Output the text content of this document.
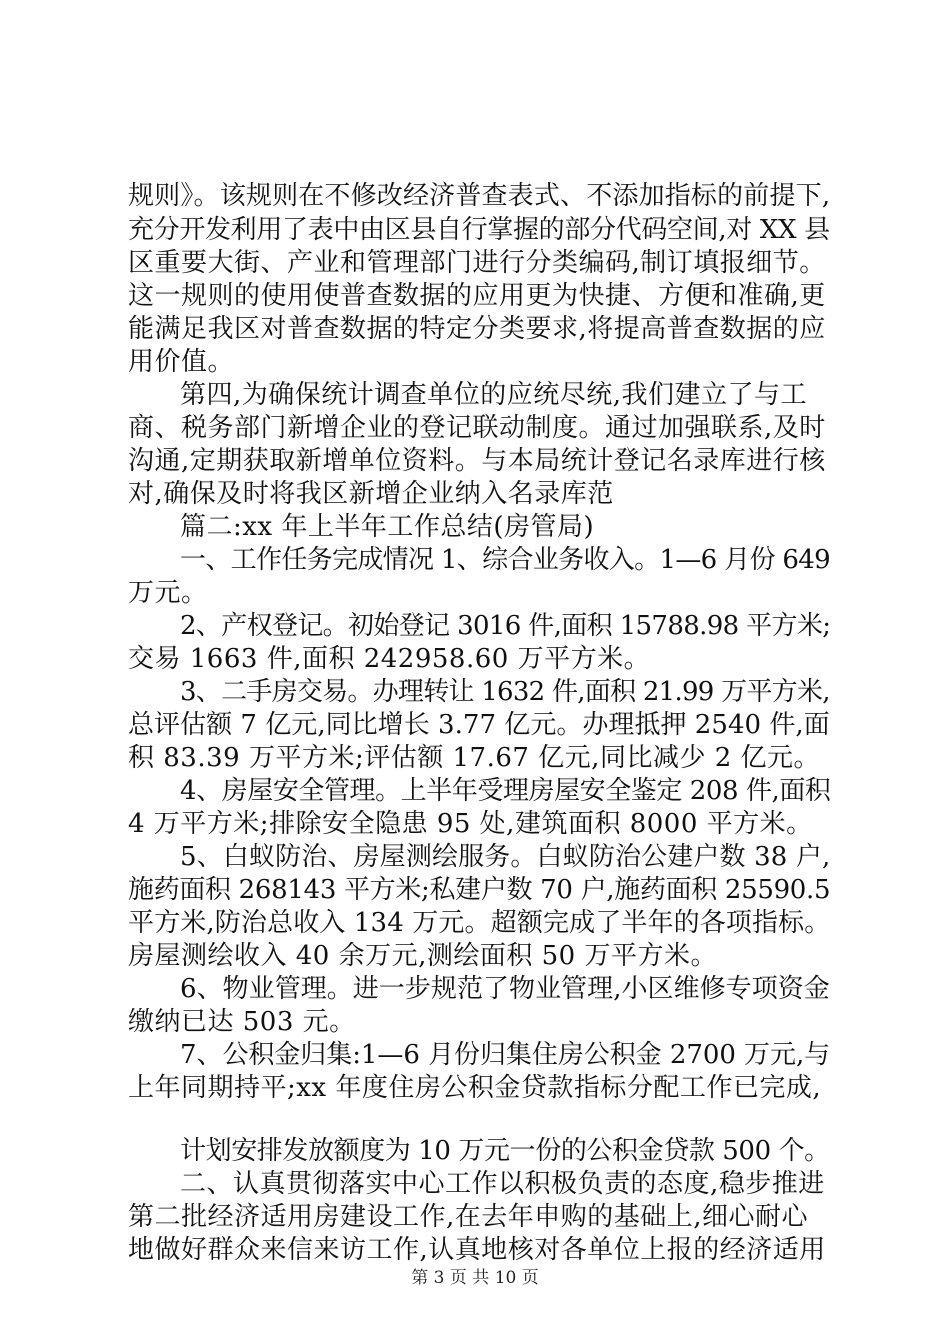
规则》。该规则在不修改经济普查表式、不添加指标的前提下,
充分开发利用了表中由区县自行掌握的部分代码空间,对 XX 县
区重要大街、产业和管理部门进行分类编码,制订填报细节。
这一规则的使用使普查数据的应用更为快捷、方便和准确,更
能满足我区对普查数据的特定分类要求,将提高普查数据的应
用价值。
第四,为确保统计调查单位的应统尽统,我们建立了与工
商、税务部门新增企业的登记联动制度。通过加强联系,及时
沟通,定期获取新增单位资料。与本局统计登记名录库进行核
对,确保及时将我区新增企业纳入名录库范
篇二:xx 年上半年工作总结(房管局)
一、工作任务完成情况 1、综合业务收入。1—6 月份 649
万元。
2、产权登记。初始登记 3016 件,面积 15788.98 平方米;
交易 1663 件,面积 242958.60 万平方米。
3、二手房交易。办理转让 1632 件,面积 21.99 万平方米,
总评估额 7 亿元,同比增长 3.77 亿元。办理抵押 2540 件,面
积 83.39 万平方米;评估额 17.67 亿元,同比减少 2 亿元。
4、房屋安全管理。上半年受理房屋安全鉴定 208 件,面积
4 万平方米;排除安全隐患 95 处,建筑面积 8000 平方米。
5、白蚁防治、房屋测绘服务。白蚁防治公建户数 38 户,
施药面积 268143 平方米;私建户数 70 户,施药面积 25590.5
平方米,防治总收入 134 万元。超额完成了半年的各项指标。
房屋测绘收入 40 余万元,测绘面积 50 万平方米。
6、物业管理。进一步规范了物业管理,小区维修专项资金
缴纳已达 503 元。
7、公积金归集:1—6 月份归集住房公积金 2700 万元,与
上年同期持平;xx 年度住房公积金贷款指标分配工作已完成,
计划安排发放额度为 10 万元一份的公积金贷款 500 个。
二、认真贯彻落实中心工作以积极负责的态度,稳步推进
第二批经济适用房建设工作,在去年申购的基础上,细心耐心
地做好群众来信来访工作,认真地核对各单位上报的经济适用
第 3 页 共 10 页
